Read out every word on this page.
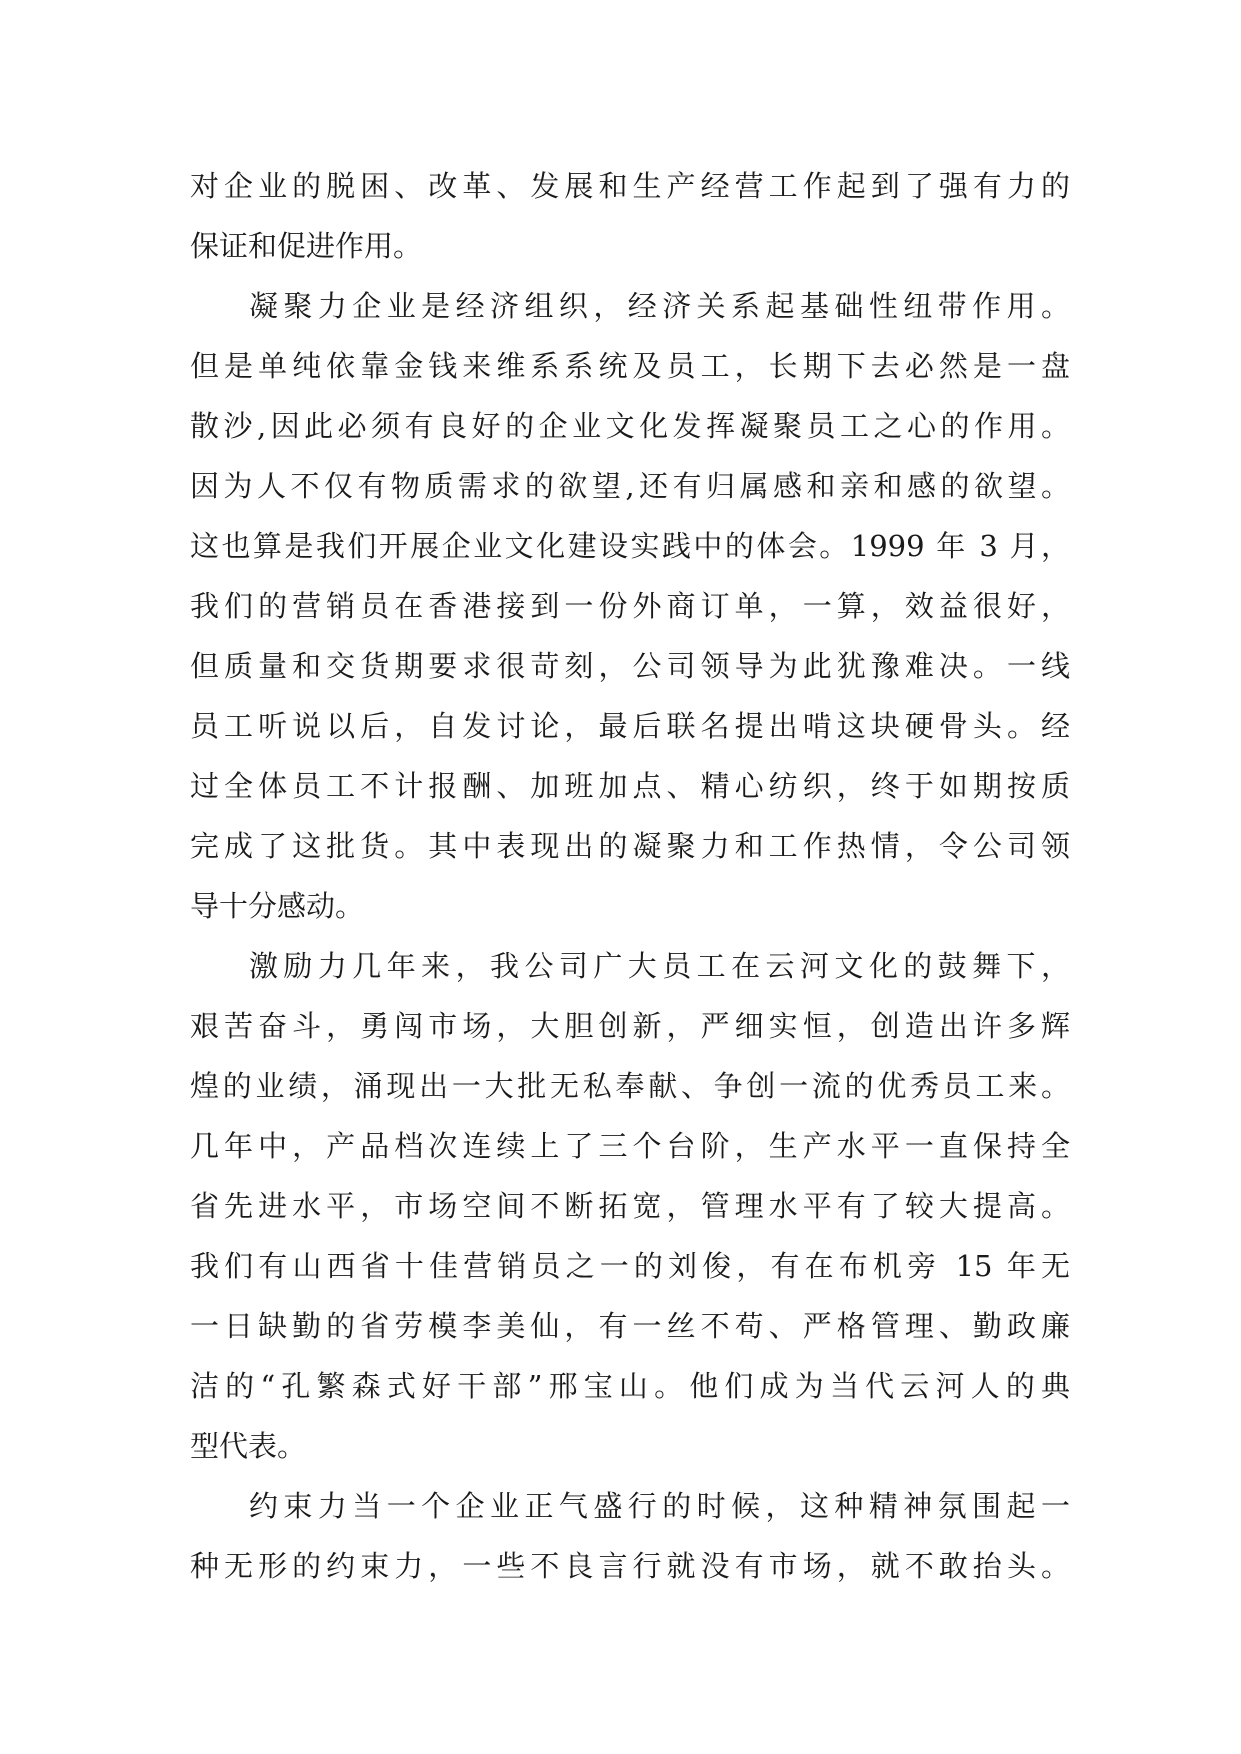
对企业的脱困、改革、发展和生产经营工作起到了强有力的
保证和促进作用。
凝聚力企业是经济组织，经济关系起基础性纽带作用。
但是单纯依靠金钱来维系系统及员工，长期下去必然是一盘
散沙,因此必须有良好的企业文化发挥凝聚员工之心的作用。
因为人不仅有物质需求的欲望,还有归属感和亲和感的欲望。
这也算是我们开展企业文化建设实践中的体会。1999 年 3 月，
我们的营销员在香港接到一份外商订单，一算，效益很好，
但质量和交货期要求很苛刻，公司领导为此犹豫难决。一线
员工听说以后，自发讨论，最后联名提出啃这块硬骨头。经
过全体员工不计报酬、加班加点、精心纺织，终于如期按质
完成了这批货。其中表现出的凝聚力和工作热情，令公司领
导十分感动。
激励力几年来，我公司广大员工在云河文化的鼓舞下，
艰苦奋斗，勇闯市场，大胆创新，严细实恒，创造出许多辉
煌的业绩，涌现出一大批无私奉献、争创一流的优秀员工来。
几年中，产品档次连续上了三个台阶，生产水平一直保持全
省先进水平，市场空间不断拓宽，管理水平有了较大提高。
我们有山西省十佳营销员之一的刘俊，有在布机旁 15 年无
一日缺勤的省劳模李美仙，有一丝不苟、严格管理、勤政廉
洁的“孔繁森式好干部”邢宝山。他们成为当代云河人的典
型代表。
约束力当一个企业正气盛行的时候，这种精神氛围起一
种无形的约束力，一些不良言行就没有市场，就不敢抬头。
